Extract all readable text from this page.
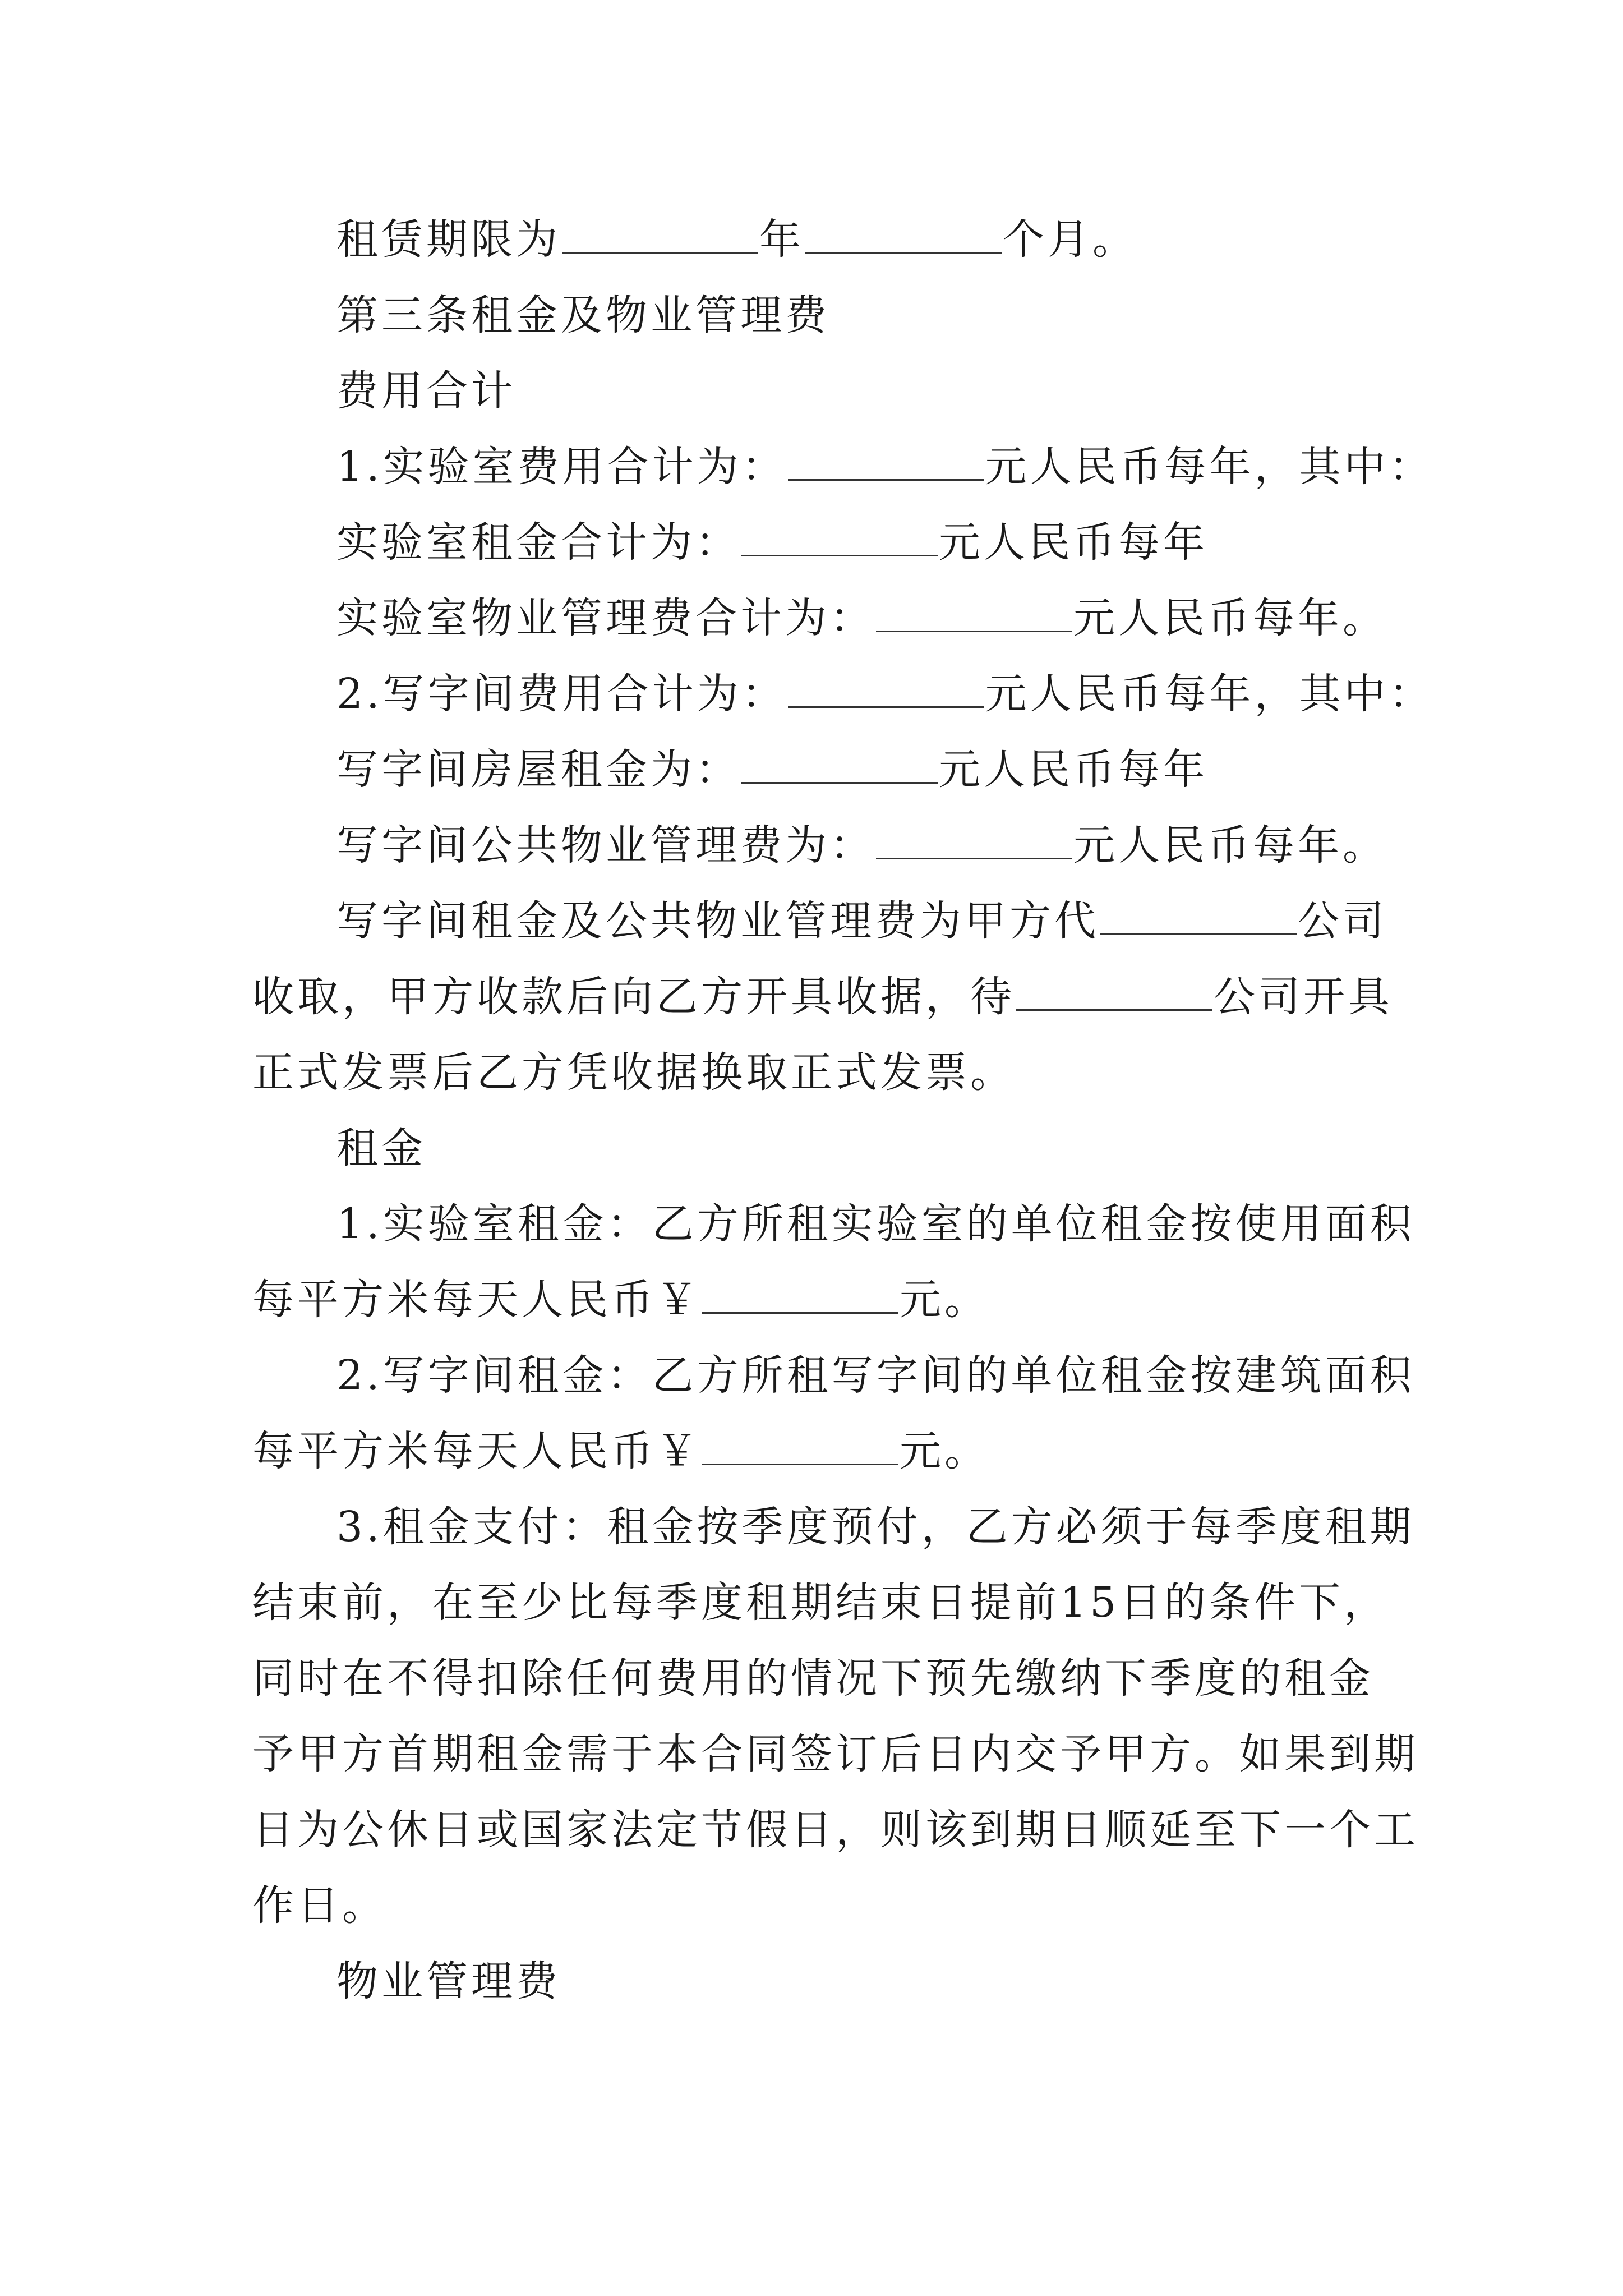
租赁期限为	年	个月。
第三条租金及物业管理费
费用合计
1.实验室费用合计为：	元人民币每年，其中：
实验室租金合计为：	元人民币每年
实验室物业管理费合计为：	元人民币每年。
2.写字间费用合计为：	元人民币每年，其中：
写字间房屋租金为：	元人民币每年
写字间公共物业管理费为：	元人民币每年。
写字间租金及公共物业管理费为甲方代	公司
收取，甲方收款后向乙方开具收据，待	公司开具
正式发票后乙方凭收据换取正式发票。
租金
1.实验室租金：乙方所租实验室的单位租金按使用面积
每平方米每天人民币￥	元。
2.写字间租金：乙方所租写字间的单位租金按建筑面积
每平方米每天人民币￥	元。
3.租金支付：租金按季度预付，乙方必须于每季度租期
结束前，在至少比每季度租期结束日提前15日的条件下，
同时在不得扣除任何费用的情况下预先缴纳下季度的租金
予甲方首期租金需于本合同签订后日内交予甲方。如果到期
日为公休日或国家法定节假日，则该到期日顺延至下一个工
作日。
物业管理费
